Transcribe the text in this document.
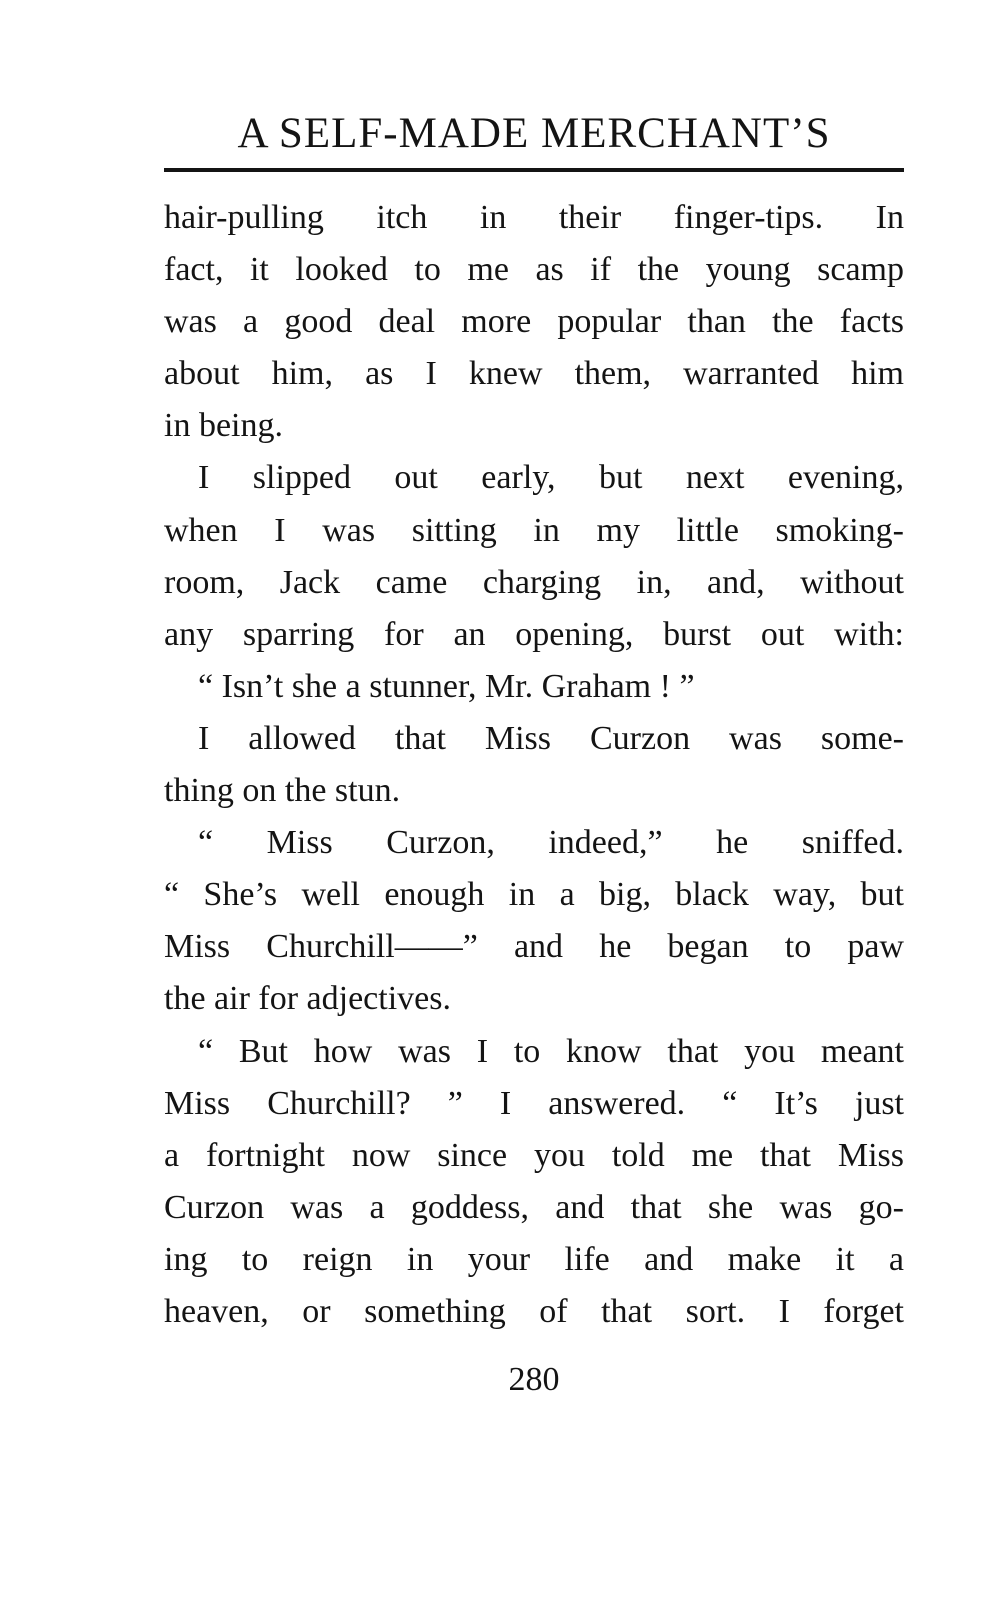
A SELF-MADE MERCHANT’S
hair-pulling itch in their finger-tips. In
fact, it looked to me as if the young scamp
was a good deal more popular than the facts
about him, as I knew them, warranted him
in being.
I slipped out early, but next evening,
when I was sitting in my little smoking-
room, Jack came charging in, and, without
any sparring for an opening, burst out with:
“ Isn’t she a stunner, Mr. Graham ! ”
I allowed that Miss Curzon was some-
thing on the stun.
“ Miss Curzon, indeed,” he sniffed.
“ She’s well enough in a big, black way, but
Miss Churchill——” and he began to paw
the air for adjectives.
“ But how was I to know that you meant
Miss Churchill? ” I answered. “ It’s just
a fortnight now since you told me that Miss
Curzon was a goddess, and that she was go-
ing to reign in your life and make it a
heaven, or something of that sort. I forget
280
